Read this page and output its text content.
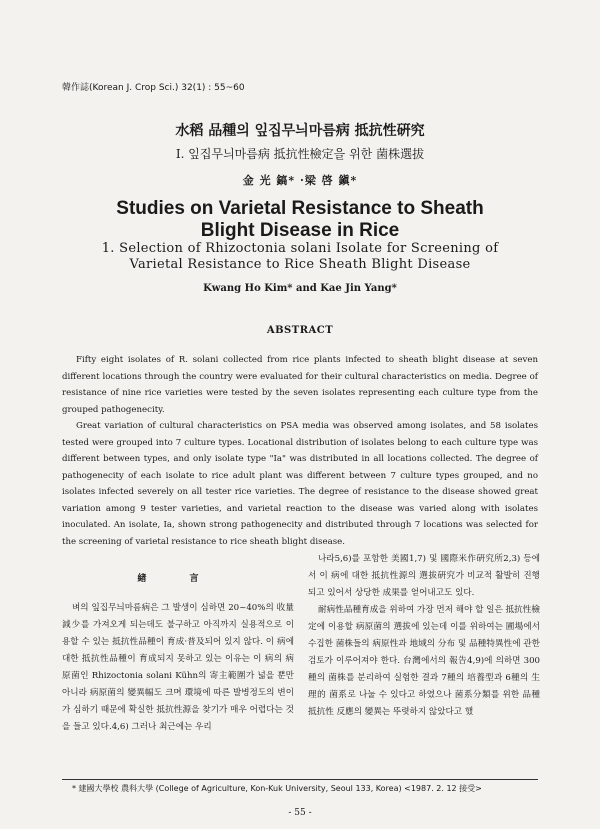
韓作誌(Korean J. Crop Sci.) 32(1) : 55~60
水稻 品種의 잎집무늬마름病 抵抗性硏究
Ⅰ. 잎집무늬마름病 抵抗性檢定을 위한 菌株選拔
金 光 鎬* ·梁 啓 鎭*
Studies on Varietal Resistance to Sheath
Blight Disease in Rice
1. Selection of Rhizoctonia solani Isolate for Screening of
Varietal Resistance to Rice Sheath Blight Disease
Kwang Ho Kim* and Kae Jin Yang*
ABSTRACT

Fifty eight isolates of R. solani collected from rice plants infected to sheath blight disease at seven different locations through the country were evaluated for their cultural characteristics on media. Degree of resistance of nine rice varieties were tested by the seven isolates representing each culture type from the grouped pathogenecity.

Great variation of cultural characteristics on PSA media was observed among isolates, and 58 isolates tested were grouped into 7 culture types. Locational distribution of isolates belong to each culture type was different between types, and only isolate type "Ia" was distributed in all locations collected. The degree of pathogenecity of each isolate to rice adult plant was different between 7 culture types grouped, and no isolates infected severely on all tester rice varieties. The degree of resistance to the disease showed great variation among 9 tester varieties, and varietal reaction to the disease was varied along with isolates inoculated. An isolate, Ia, shown strong pathogenecity and distributed through 7 locations was selected for the screening of varietal resistance to rice sheath blight disease.

緖 言

벼의 잎집무늬마름病은 그 발생이 심하면 20~40%의 收量減少를 가져오게 되는데도 불구하고 아직까지 실용적으로 이용할 수 있는 抵抗性品種이 育成·普及되어 있지 않다. 이 病에 대한 抵抗性品種이 育成되지 못하고 있는 이유는 이 病의 病原菌인 Rhizoctonia solani Kühn의 寄主範圍가 넓을 뿐만 아니라 病原菌의 變異幅도 크며 環境에 따른 발병정도의 변이가 심하기 때문에 확실한 抵抗性源을 찾기가 매우 어렵다는 것을 들고 있다.4,6) 그러나 최근에는 우리

나라5,6)를 포함한 美國1,7) 및 國際米作硏究所2,3) 등에서 이 病에 대한 抵抗性源의 選拔硏究가 비교적 활발히 진행되고 있어서 상당한 成果를 얻어내고도 있다.

耐病性品種育成을 위하여 가장 먼저 해야 할 일은 抵抗性檢定에 이용할 病原菌의 選拔에 있는데 이를 위하여는 圃場에서 수집한 菌株들의 病原性과 地域의 分布 및 品種特異性에 관한 검토가 이루어져야 한다. 台灣에서의 報告4,9)에 의하면 300種의 菌株를 분리하여 실험한 결과 7種의 培養型과 6種의 生理的 菌系로 나눌 수 있다고 하였으나 菌系分類를 위한 品種抵抗性 反應의 變異는 뚜렷하지 않았다고 했

* 建國大學校 農科大學 (College of Agriculture, Kon-Kuk University, Seoul 133, Korea) <1987. 2. 12 接受>
- 55 -
